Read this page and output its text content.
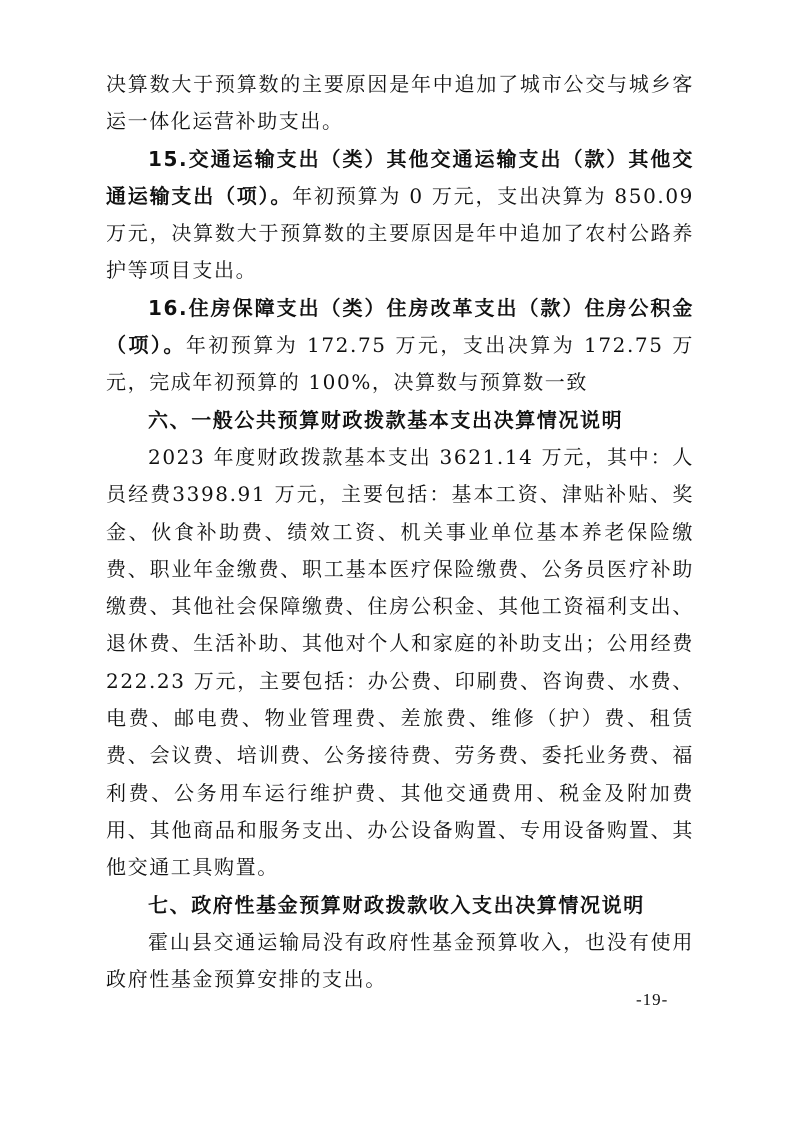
决算数大于预算数的主要原因是年中追加了城市公交与城乡客运一体化运营补助支出。

15.交通运输支出（类）其他交通运输支出（款）其他交通运输支出（项）。年初预算为 0 万元，支出决算为 850.09 万元，决算数大于预算数的主要原因是年中追加了农村公路养护等项目支出。

16.住房保障支出（类）住房改革支出（款）住房公积金（项）。年初预算为 172.75 万元，支出决算为 172.75 万元，完成年初预算的 100%，决算数与预算数一致

六、一般公共预算财政拨款基本支出决算情况说明

2023 年度财政拨款基本支出 3621.14 万元，其中：人员经费3398.91 万元，主要包括：基本工资、津贴补贴、奖金、伙食补助费、绩效工资、机关事业单位基本养老保险缴费、职业年金缴费、职工基本医疗保险缴费、公务员医疗补助缴费、其他社会保障缴费、住房公积金、其他工资福利支出、退休费、生活补助、其他对个人和家庭的补助支出；公用经费 222.23 万元，主要包括：办公费、印刷费、咨询费、水费、电费、邮电费、物业管理费、差旅费、维修（护）费、租赁费、会议费、培训费、公务接待费、劳务费、委托业务费、福利费、公务用车运行维护费、其他交通费用、税金及附加费用、其他商品和服务支出、办公设备购置、专用设备购置、其他交通工具购置。

七、政府性基金预算财政拨款收入支出决算情况说明

霍山县交通运输局没有政府性基金预算收入，也没有使用政府性基金预算安排的支出。

-19-
